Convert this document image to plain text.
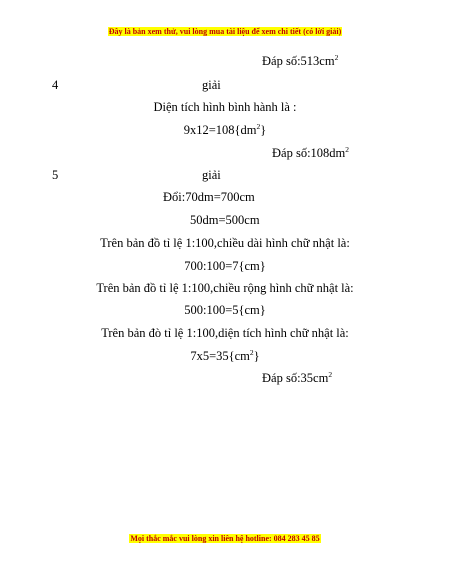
Đây là bản xem thử, vui lòng mua tài liệu để xem chi tiết (có lời giải)
Đáp $số:513cm^2$
4	giải
Diện tích hình bình hành là :
$9x12=108\{dm^2\}$
Đáp $số:108dm^2$
5	giải
Đổi:70dm=700cm
50dm=500cm
Trên bản đồ tỉ lệ 1:100,chiều dài hình chữ nhật là:
700:100=7{cm}
Trên bản đồ tỉ lệ 1:100,chiều rộng hình chữ nhật là:
500:100=5{cm}
Trên bản đò tỉ lệ 1:100,diện tích hình chữ nhật là:
$7x5=35\{cm^2\}$
Đáp $số:35cm^2$
Mọi thắc mắc vui lòng xin liên hệ hotline: 084 283 45 85
